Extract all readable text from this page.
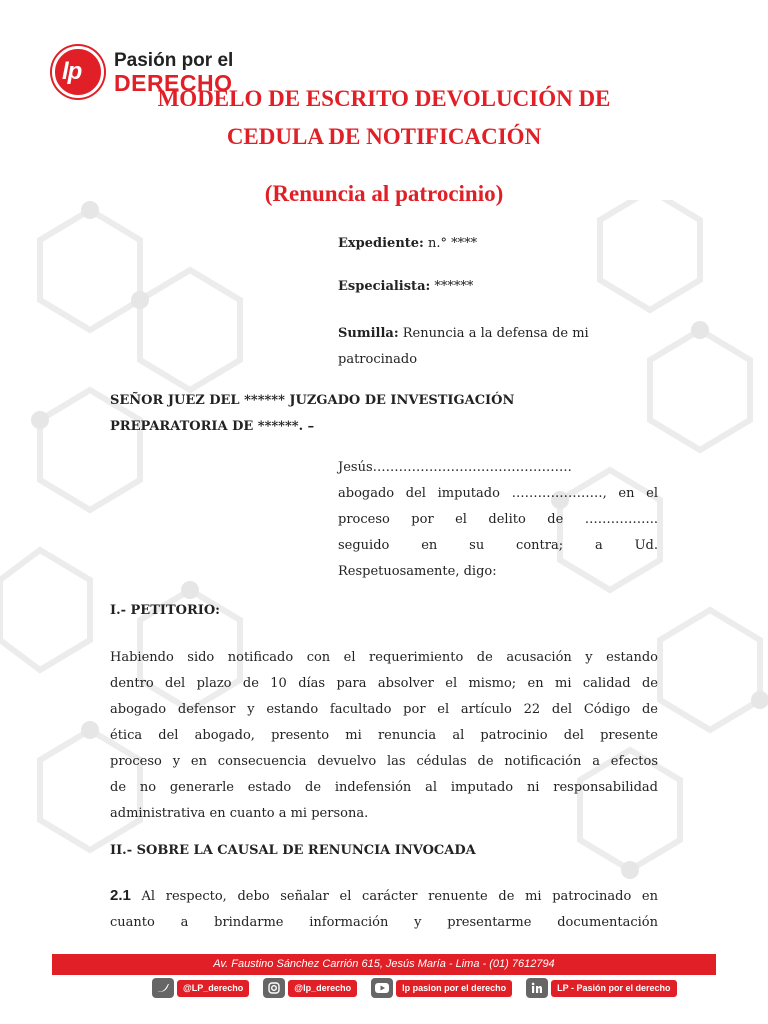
lp Pasión por el
DERECHO
MODELO DE ESCRITO DEVOLUCIÓN DE
CEDULA DE NOTIFICACIÓN
(Renuncia al patrocinio)
Expediente: n.° ****
Especialista: ******
Sumilla: Renuncia a la defensa de mi patrocinado
SEÑOR JUEZ DEL ****** JUZGADO DE INVESTIGACIÓN
PREPARATORIA DE ******. –
Jesús……………………………………….
abogado del imputado …………………, en el
proceso por el delito de ……………..
seguido en su contra; a Ud.
Respetuosamente, digo:
I.- PETITORIO:
Habiendo sido notificado con el requerimiento de acusación y estando
dentro del plazo de 10 días para absolver el mismo; en mi calidad de
abogado defensor y estando facultado por el artículo 22 del Código de
ética del abogado, presento mi renuncia al patrocinio del presente
proceso y en consecuencia devuelvo las cédulas de notificación a efectos
de no generarle estado de indefensión al imputado ni responsabilidad
administrativa en cuanto a mi persona.
II.- SOBRE LA CAUSAL DE RENUNCIA INVOCADA
2.1 Al respecto, debo señalar el carácter renuente de mi patrocinado en
cuanto a brindarme información y presentarme documentación
Av. Faustino Sánchez Carrión 615, Jesús María - Lima - (01) 7612794
@LP_derecho	@lp_derecho	lp pasion por el derecho	LP - Pasión por el derecho
